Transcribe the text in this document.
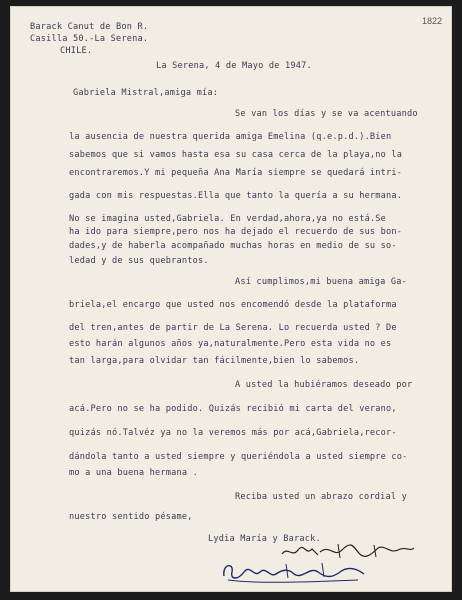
1822

Barack Canut de Bon R.

Casilla 50.-La Serena.

CHILE.

La Serena, 4 de Mayo de 1947.

Gabriela Mistral,amiga mía:

Se van los días y se va acentuando

la ausencia de nuestra querida amiga Emelina (q.e.p.d.).Bien

sabemos que si vamos hasta esa su casa cerca de la playa,no la

encontraremos.Y mi pequeña Ana María siempre se quedará intri-

gada con mis respuestas.Ella que tanto la quería a su hermana.

No se imagina usted,Gabriela. En verdad,ahora,ya no está.Se

ha ido para siempre,pero nos ha dejado el recuerdo de sus bon-

dades,y de haberla acompañado muchas horas en medio de su so-

ledad y de sus quebrantos.

Así cumplimos,mi buena amiga Ga-

briela,el encargo que usted nos encomendó desde la plataforma

del tren,antes de partir de La Serena. Lo recuerda usted ? De

esto harán algunos años ya,naturalmente.Pero esta vida no es

tan larga,para olvidar tan fácilmente,bien lo sabemos.

A usted la hubiéramos deseado por

acá.Pero no se ha podido. Quizás recibió mi carta del verano,

quizás nó.Talvéz ya no la veremos más por acá,Gabriela,recor-

dándola tanto a usted siempre y queriéndola a usted siempre co-

mo a una buena hermana .

Reciba usted un abrazo cordial y

nuestro sentido pésame,

Lydia María y Barack.
